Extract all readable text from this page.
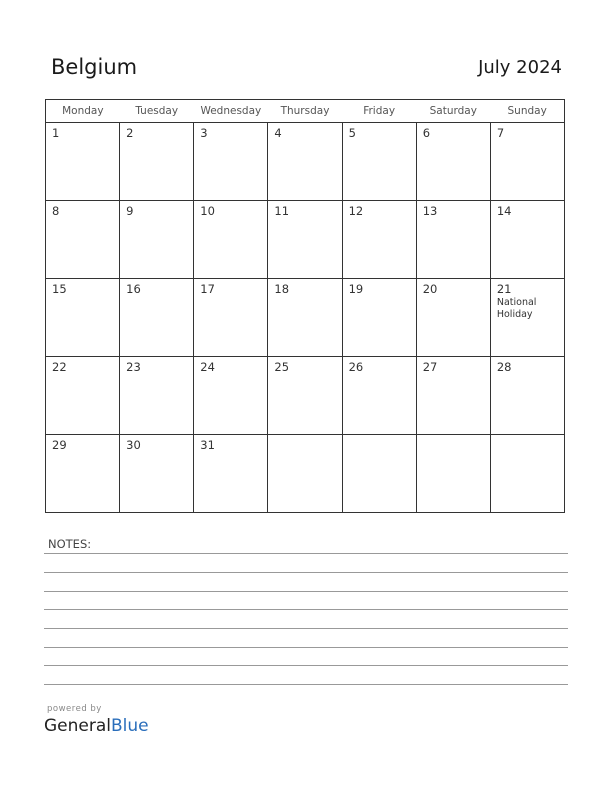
Belgium	July 2024
Monday	Tuesday	Wednesday	Thursday	Friday	Saturday	Sunday

1	2	3	4	5	6	7

8	9	10	11	12	13	14

15	16	17	18	19	20	21
National Holiday

22	23	24	25	26	27	28

29	30	31				

NOTES:
powered by
GeneralBlue
